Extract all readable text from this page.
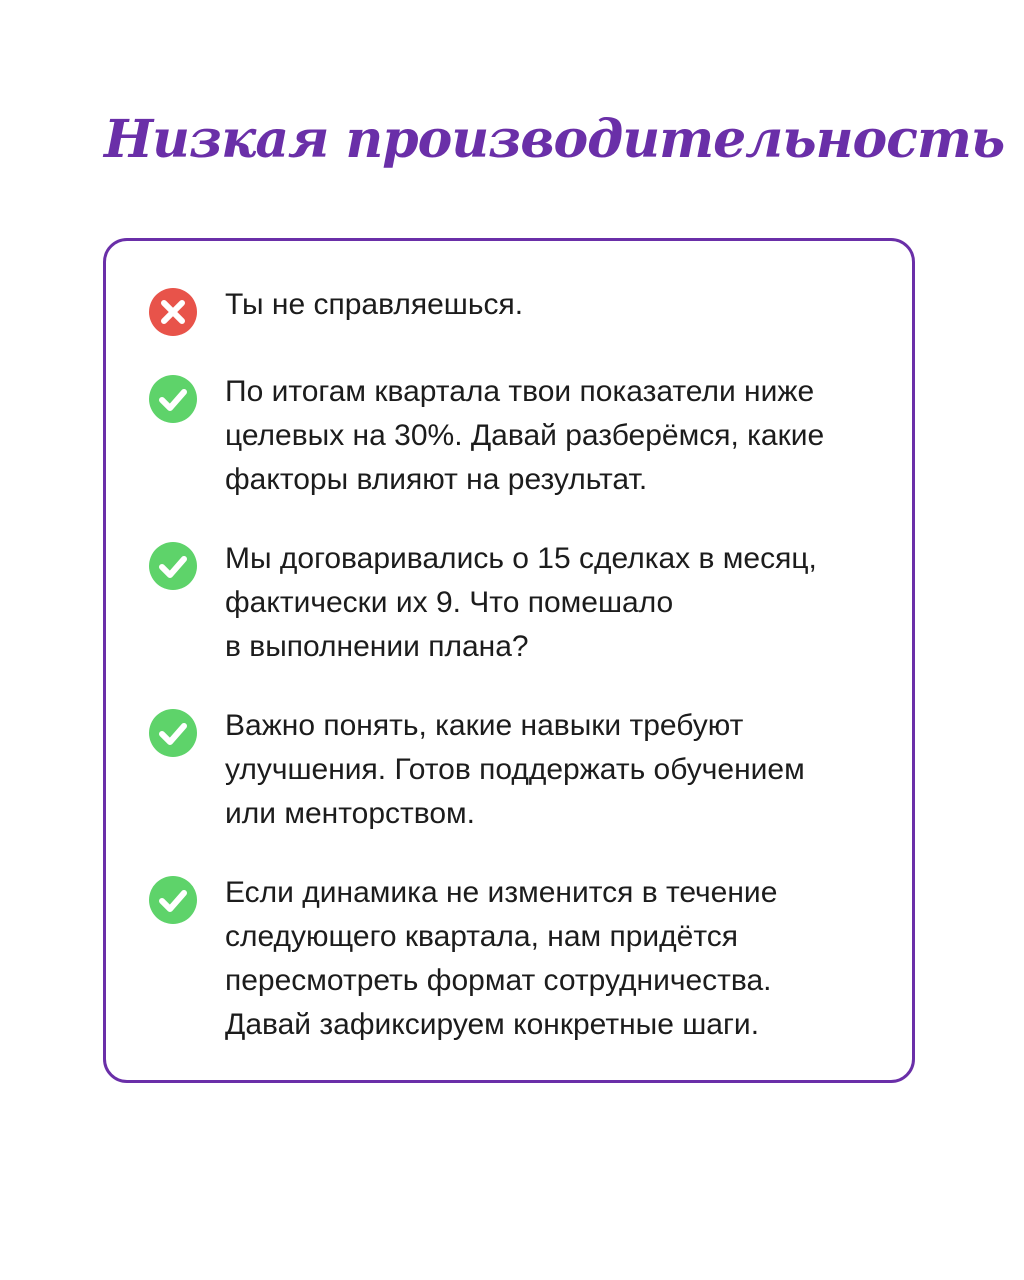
Низкая производительность

Ты не справляешься.

По итогам квартала твои показатели ниже
целевых на 30%. Давай разберёмся, какие
факторы влияют на результат.

Мы договаривались о 15 сделках в месяц,
фактически их 9. Что помешало
в выполнении плана?

Важно понять, какие навыки требуют
улучшения. Готов поддержать обучением
или менторством.

Если динамика не изменится в течение
следующего квартала, нам придётся
пересмотреть формат сотрудничества.
Давай зафиксируем конкретные шаги.
